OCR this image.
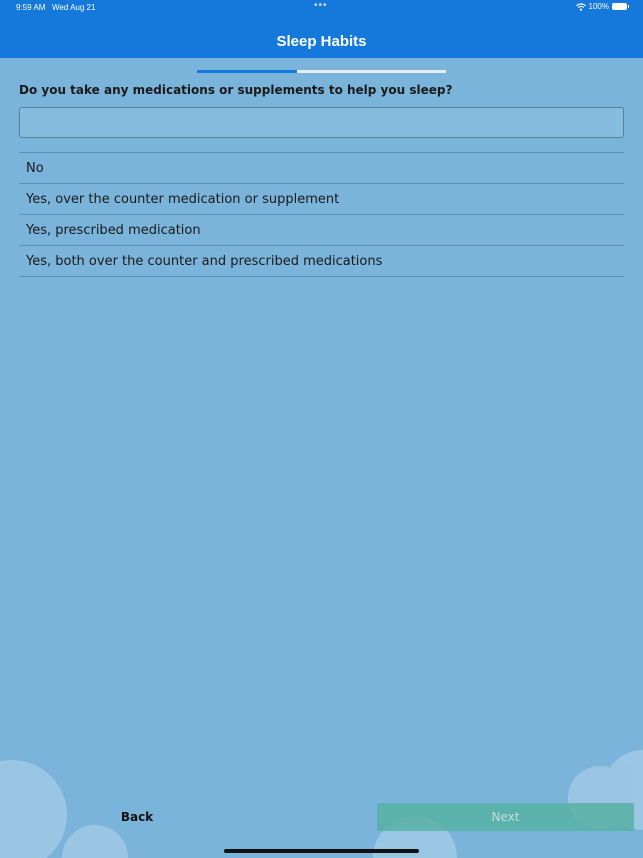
9:59 AM Wed Aug 21	•••	100%
Sleep Habits
Do you take any medications or supplements to help you sleep?
No
Yes, over the counter medication or supplement
Yes, prescribed medication
Yes, both over the counter and prescribed medications
Back	Next
